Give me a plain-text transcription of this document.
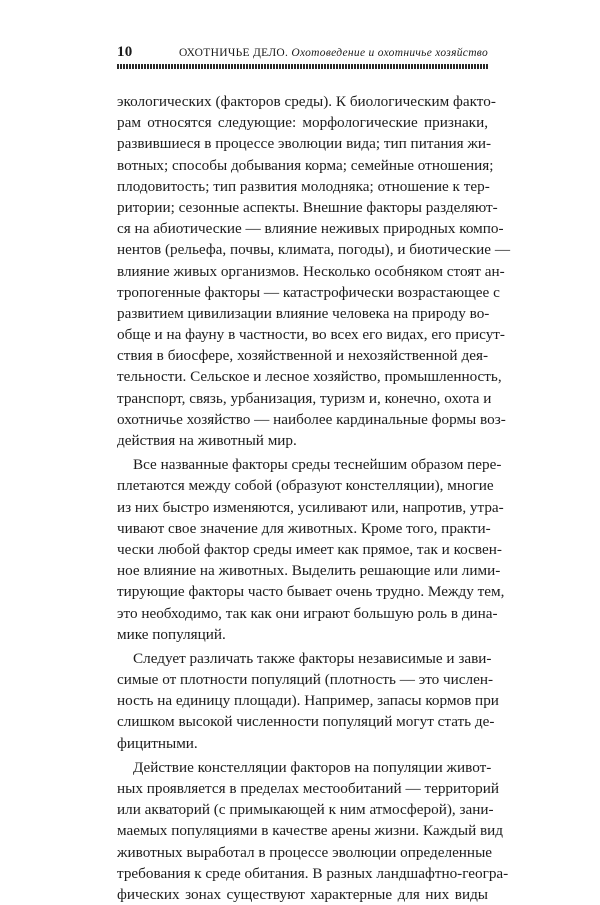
10	ОХОТНИЧЬЕ ДЕЛО. Охотоведение и охотничье хозяйство
экологических (факторов среды). К биологическим факто-
рам относятся следующие: морфологические признаки,
развившиеся в процессе эволюции вида; тип питания жи-
вотных; способы добывания корма; семейные отношения;
плодовитость; тип развития молодняка; отношение к тер-
ритории; сезонные аспекты. Внешние факторы разделяют-
ся на абиотические — влияние неживых природных компо-
нентов (рельефа, почвы, климата, погоды), и биотические —
влияние живых организмов. Несколько особняком стоят ан-
тропогенные факторы — катастрофически возрастающее с
развитием цивилизации влияние человека на природу во-
обще и на фауну в частности, во всех его видах, его присут-
ствия в биосфере, хозяйственной и нехозяйственной дея-
тельности. Сельское и лесное хозяйство, промышленность,
транспорт, связь, урбанизация, туризм и, конечно, охота и
охотничье хозяйство — наиболее кардинальные формы воз-
действия на животный мир.
Все названные факторы среды теснейшим образом пере-
плетаются между собой (образуют констелляции), многие
из них быстро изменяются, усиливают или, напротив, утра-
чивают свое значение для животных. Кроме того, практи-
чески любой фактор среды имеет как прямое, так и косвен-
ное влияние на животных. Выделить решающие или лими-
тирующие факторы часто бывает очень трудно. Между тем,
это необходимо, так как они играют большую роль в дина-
мике популяций.
Следует различать также факторы независимые и зави-
симые от плотности популяций (плотность — это числен-
ность на единицу площади). Например, запасы кормов при
слишком высокой численности популяций могут стать де-
фицитными.
Действие констелляции факторов на популяции живот-
ных проявляется в пределах местообитаний — территорий
или акваторий (с примыкающей к ним атмосферой), зани-
маемых популяциями в качестве арены жизни. Каждый вид
животных выработал в процессе эволюции определенные
требования к среде обитания. В разных ландшафтно-геогра-
фических зонах существуют характерные для них виды
